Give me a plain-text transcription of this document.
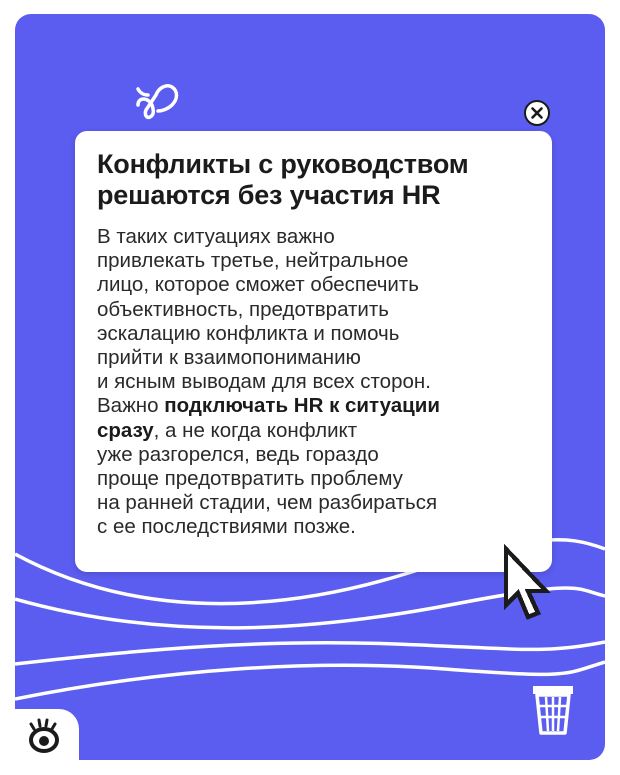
Конфликты с руководством
решаются без участия HR
В таких ситуациях важно
привлекать третье, нейтральное
лицо, которое сможет обеспечить
объективность, предотвратить
эскалацию конфликта и помочь
прийти к взаимопониманию
и ясным выводам для всех сторон.
Важно подключать HR к ситуации
сразу, а не когда конфликт
уже разгорелся, ведь гораздо
проще предотвратить проблему
на ранней стадии, чем разбираться
с ее последствиями позже.
